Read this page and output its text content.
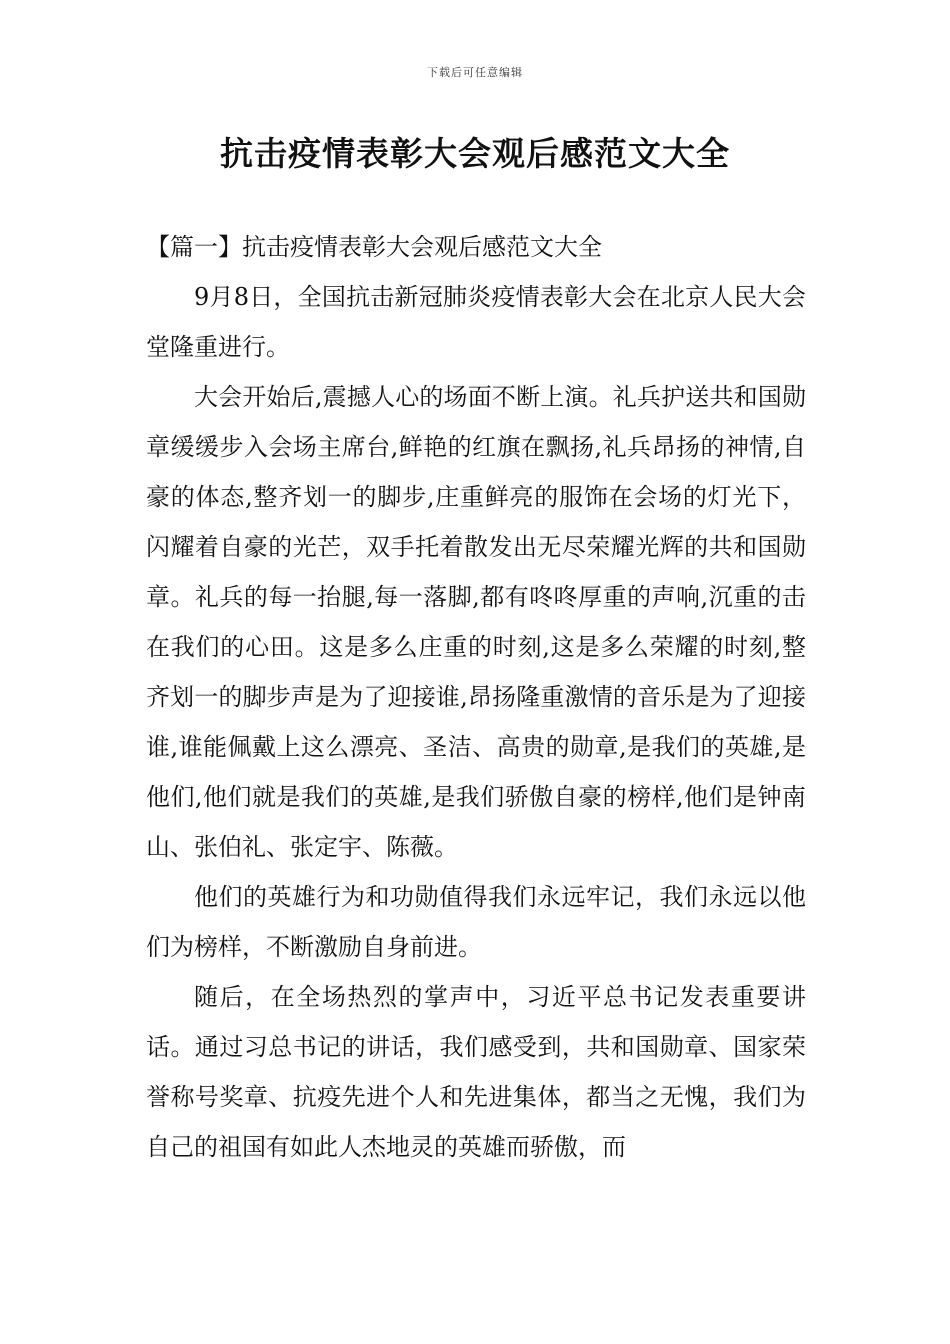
下载后可任意编辑
抗击疫情表彰大会观后感范文大全

【篇一】抗击疫情表彰大会观后感范文大全

9月8日，全国抗击新冠肺炎疫情表彰大会在北京人民大会堂隆重进行。

大会开始后,震撼人心的场面不断上演。礼兵护送共和国勋章缓缓步入会场主席台,鲜艳的红旗在飘扬,礼兵昂扬的神情,自豪的体态,整齐划一的脚步,庄重鲜亮的服饰在会场的灯光下，闪耀着自豪的光芒，双手托着散发出无尽荣耀光辉的共和国勋章。礼兵的每一抬腿,每一落脚,都有咚咚厚重的声响,沉重的击在我们的心田。这是多么庄重的时刻,这是多么荣耀的时刻,整齐划一的脚步声是为了迎接谁,昂扬隆重激情的音乐是为了迎接谁,谁能佩戴上这么漂亮、圣洁、高贵的勋章,是我们的英雄,是他们,他们就是我们的英雄,是我们骄傲自豪的榜样,他们是钟南山、张伯礼、张定宇、陈薇。

他们的英雄行为和功勋值得我们永远牢记，我们永远以他们为榜样，不断激励自身前进。

随后，在全场热烈的掌声中，习近平总书记发表重要讲话。通过习总书记的讲话，我们感受到，共和国勋章、国家荣誉称号奖章、抗疫先进个人和先进集体，都当之无愧，我们为自己的祖国有如此人杰地灵的英雄而骄傲，而
